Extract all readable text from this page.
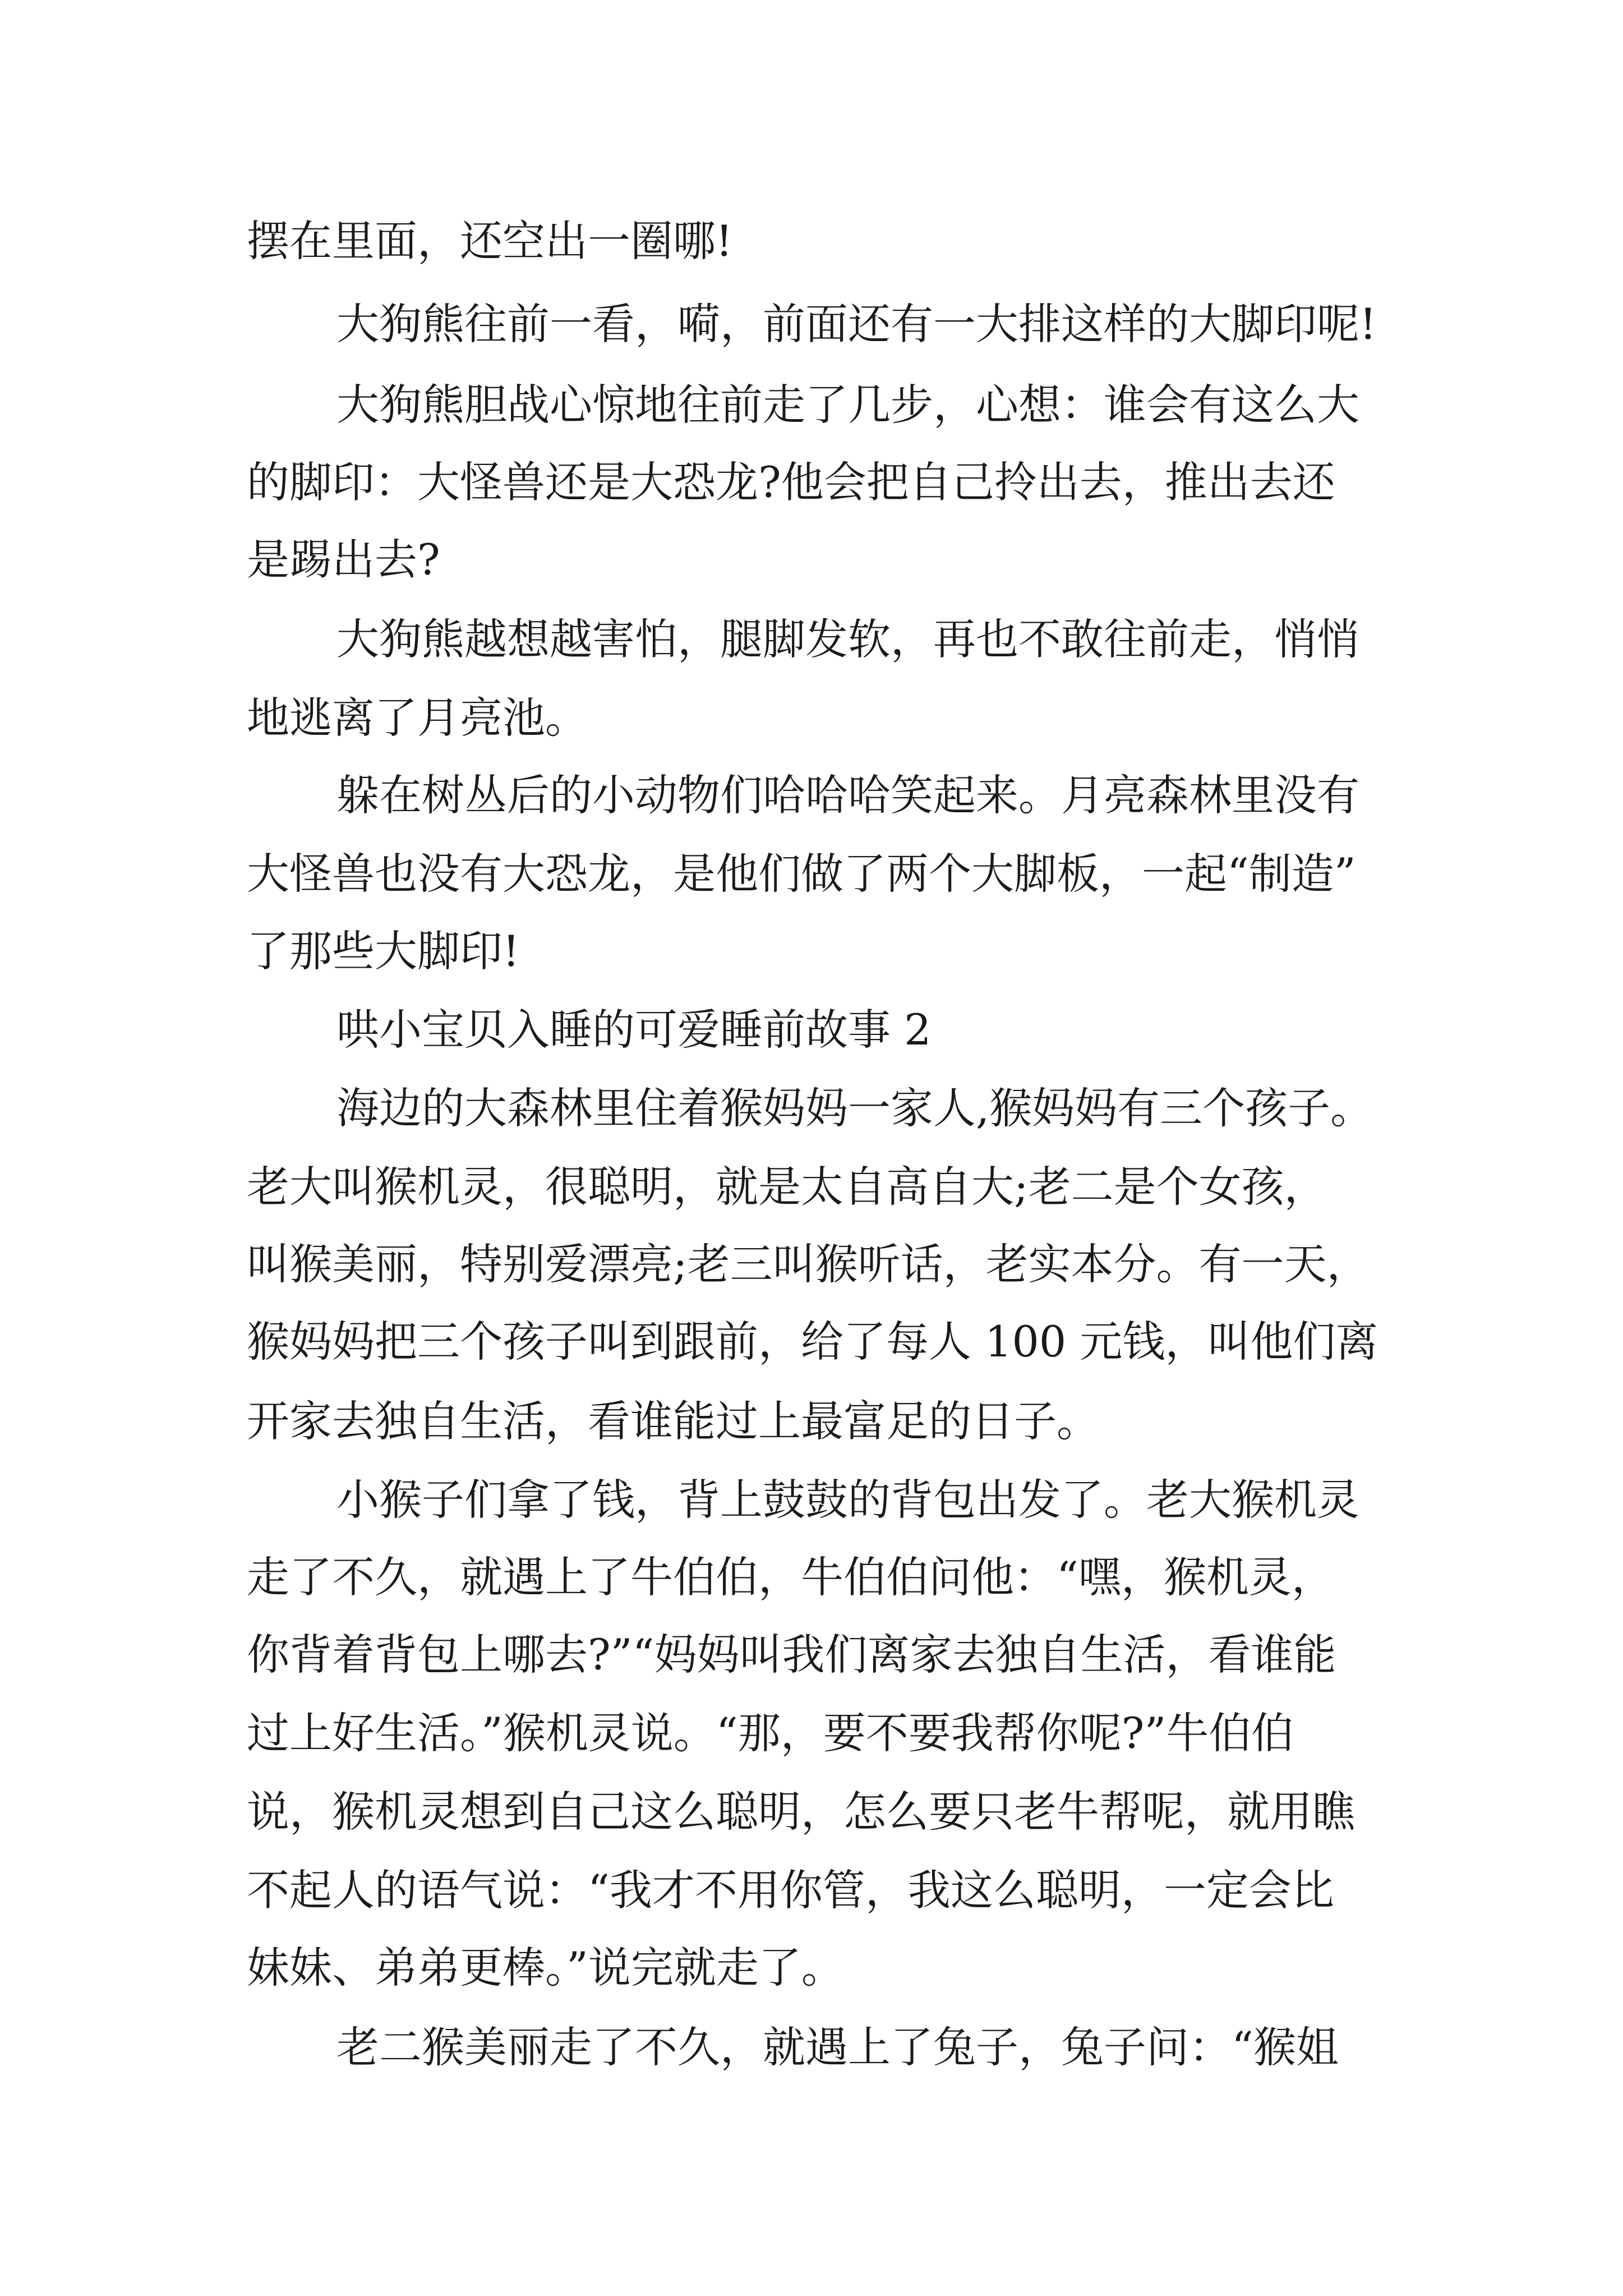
摆在里面，还空出一圈哪!

大狗熊往前一看，嗬，前面还有一大排这样的大脚印呢!

大狗熊胆战心惊地往前走了几步，心想：谁会有这么大

的脚印：大怪兽还是大恐龙?他会把自己拎出去，推出去还

是踢出去?

大狗熊越想越害怕，腿脚发软，再也不敢往前走，悄悄

地逃离了月亮池。

躲在树丛后的小动物们哈哈哈笑起来。月亮森林里没有

大怪兽也没有大恐龙，是他们做了两个大脚板，一起“制造”

了那些大脚印!

哄小宝贝入睡的可爱睡前故事 2

海边的大森林里住着猴妈妈一家人,猴妈妈有三个孩子。

老大叫猴机灵，很聪明，就是太自高自大;老二是个女孩，

叫猴美丽，特别爱漂亮;老三叫猴听话，老实本分。有一天，

猴妈妈把三个孩子叫到跟前，给了每人 100 元钱，叫他们离

开家去独自生活，看谁能过上最富足的日子。

小猴子们拿了钱，背上鼓鼓的背包出发了。老大猴机灵

走了不久，就遇上了牛伯伯，牛伯伯问他：“嘿，猴机灵，

你背着背包上哪去?”“妈妈叫我们离家去独自生活，看谁能

过上好生活。”猴机灵说。“那，要不要我帮你呢?”牛伯伯

说，猴机灵想到自己这么聪明，怎么要只老牛帮呢，就用瞧

不起人的语气说：“我才不用你管，我这么聪明，一定会比

妹妹、弟弟更棒。”说完就走了。

老二猴美丽走了不久，就遇上了兔子，兔子问：“猴姐
